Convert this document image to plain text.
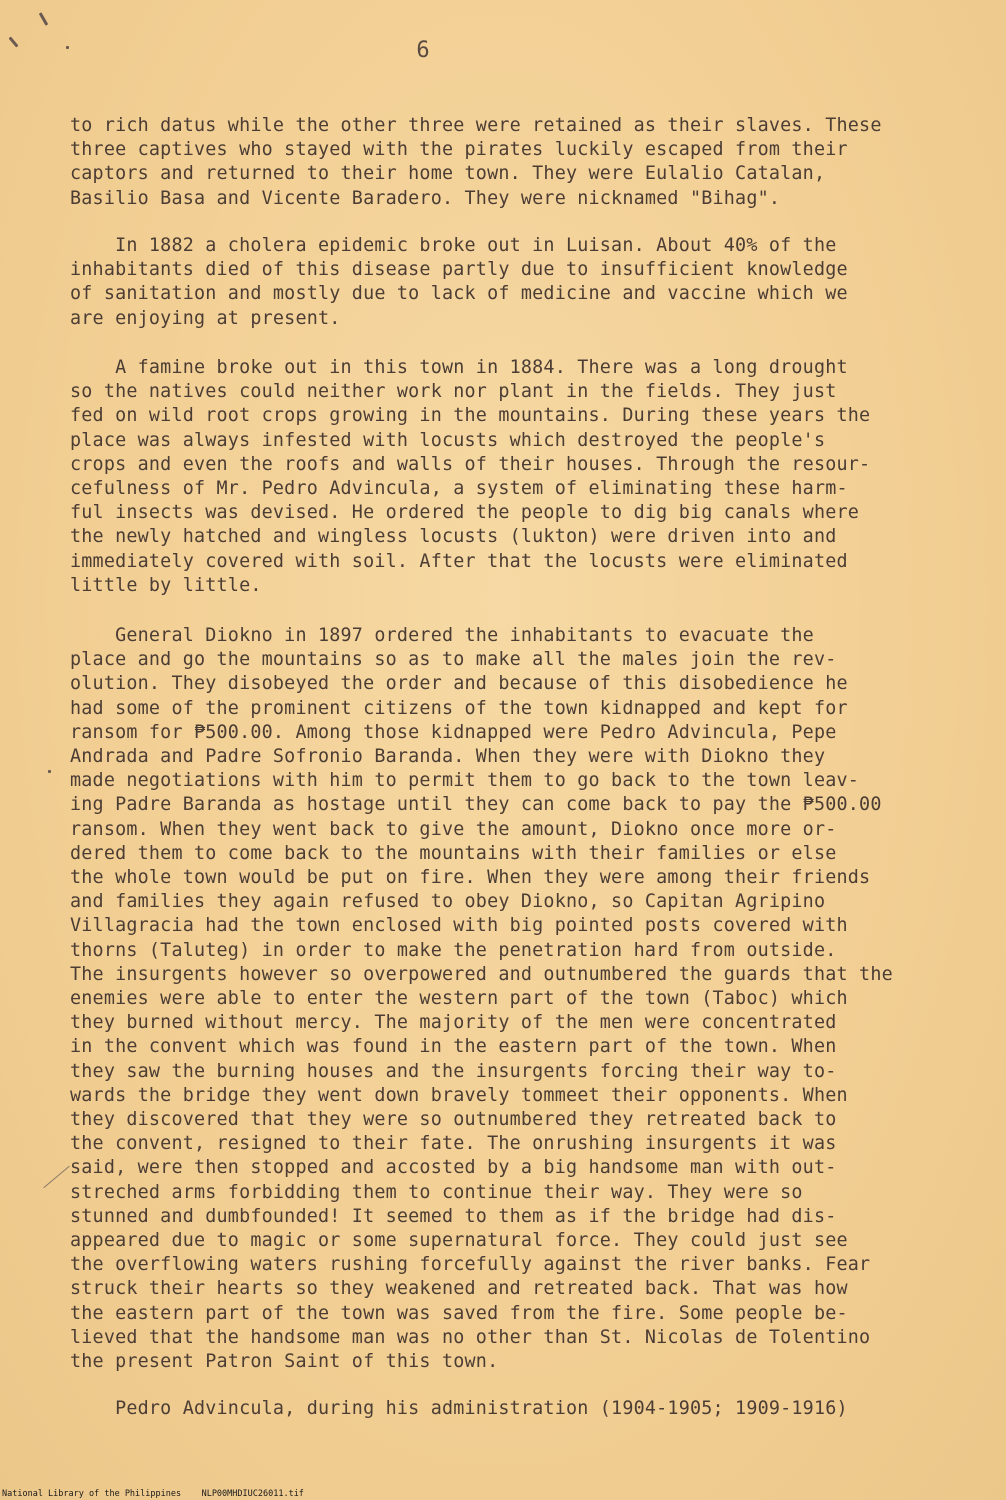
6
to rich datus while the other three were retained as their slaves. These
three captives who stayed with the pirates luckily escaped from their
captors and returned to their home town. They were Eulalio Catalan,
Basilio Basa and Vicente Baradero. They were nicknamed "Bihag".
In 1882 a cholera epidemic broke out in Luisan. About 40% of the
inhabitants died of this disease partly due to insufficient knowledge
of sanitation and mostly due to lack of medicine and vaccine which we
are enjoying at present.
A famine broke out in this town in 1884. There was a long drought
so the natives could neither work nor plant in the fields. They just
fed on wild root crops growing in the mountains. During these years the
place was always infested with locusts which destroyed the people's
crops and even the roofs and walls of their houses. Through the resour-
cefulness of Mr. Pedro Advincula, a system of eliminating these harm-
ful insects was devised. He ordered the people to dig big canals where
the newly hatched and wingless locusts (lukton) were driven into and
immediately covered with soil. After that the locusts were eliminated
little by little.
General Diokno in 1897 ordered the inhabitants to evacuate the
place and go the mountains so as to make all the males join the rev-
olution. They disobeyed the order and because of this disobedience he
had some of the prominent citizens of the town kidnapped and kept for
ransom for ₱500.00. Among those kidnapped were Pedro Advincula, Pepe
Andrada and Padre Sofronio Baranda. When they were with Diokno they
made negotiations with him to permit them to go back to the town leav-
ing Padre Baranda as hostage until they can come back to pay the ₱500.00
ransom. When they went back to give the amount, Diokno once more or-
dered them to come back to the mountains with their families or else
the whole town would be put on fire. When they were among their friends
and families they again refused to obey Diokno, so Capitan Agripino
Villagracia had the town enclosed with big pointed posts covered with
thorns (Taluteg) in order to make the penetration hard from outside.
The insurgents however so overpowered and outnumbered the guards that the
enemies were able to enter the western part of the town (Taboc) which
they burned without mercy. The majority of the men were concentrated
in the convent which was found in the eastern part of the town. When
they saw the burning houses and the insurgents forcing their way to-
wards the bridge they went down bravely tommeet their opponents. When
they discovered that they were so outnumbered they retreated back to
the convent, resigned to their fate. The onrushing insurgents it was
said, were then stopped and accosted by a big handsome man with out-
streched arms forbidding them to continue their way. They were so
stunned and dumbfounded! It seemed to them as if the bridge had dis-
appeared due to magic or some supernatural force. They could just see
the overflowing waters rushing forcefully against the river banks. Fear
struck their hearts so they weakened and retreated back. That was how
the eastern part of the town was saved from the fire. Some people be-
lieved that the handsome man was no other than St. Nicolas de Tolentino
the present Patron Saint of this town.
Pedro Advincula, during his administration (1904-1905; 1909-1916)
National Library of the Philippines    NLP00MHDIUC26011.tif
